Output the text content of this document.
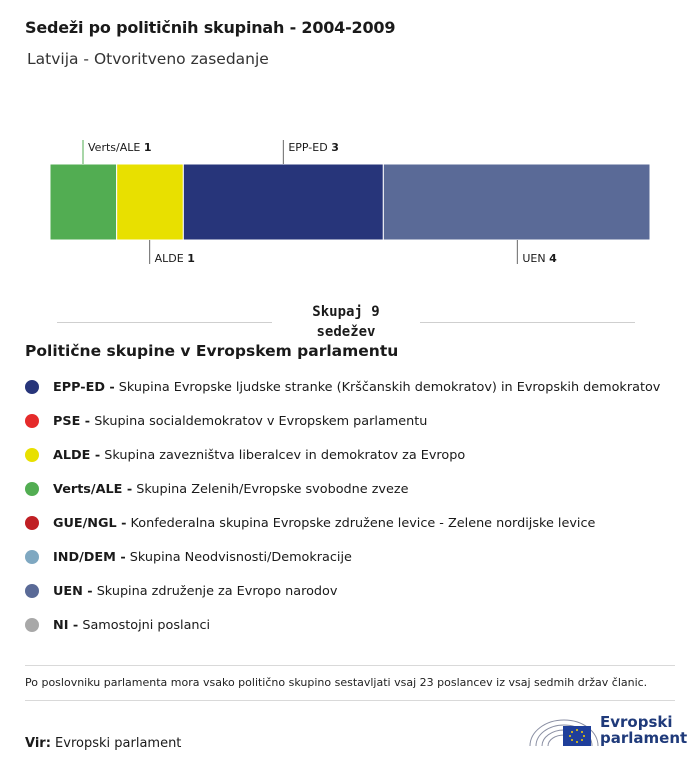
Sedeži po političnih skupinah - 2004-2009
Latvija - Otvoritveno zasedanje
Verts/ALE 1
ALDE 1
EPP-ED 3
UEN 4
Skupaj 9
sedežev
Politične skupine v Evropskem parlamentu
EPP-ED - Skupina Evropske ljudske stranke (Krščanskih demokratov) in Evropskih demokratov
PSE - Skupina socialdemokratov v Evropskem parlamentu
ALDE - Skupina zavezništva liberalcev in demokratov za Evropo
Verts/ALE - Skupina Zelenih/Evropske svobodne zveze
GUE/NGL - Konfederalna skupina Evropske združene levice - Zelene nordijske levice
IND/DEM - Skupina Neodvisnosti/Demokracije
UEN - Skupina združenje za Evropo narodov
NI - Samostojni poslanci
Po poslovniku parlamenta mora vsako politično skupino sestavljati vsaj 23 poslancev iz vsaj sedmih držav članic.
Vir: Evropski parlament
Evropski
parlament
